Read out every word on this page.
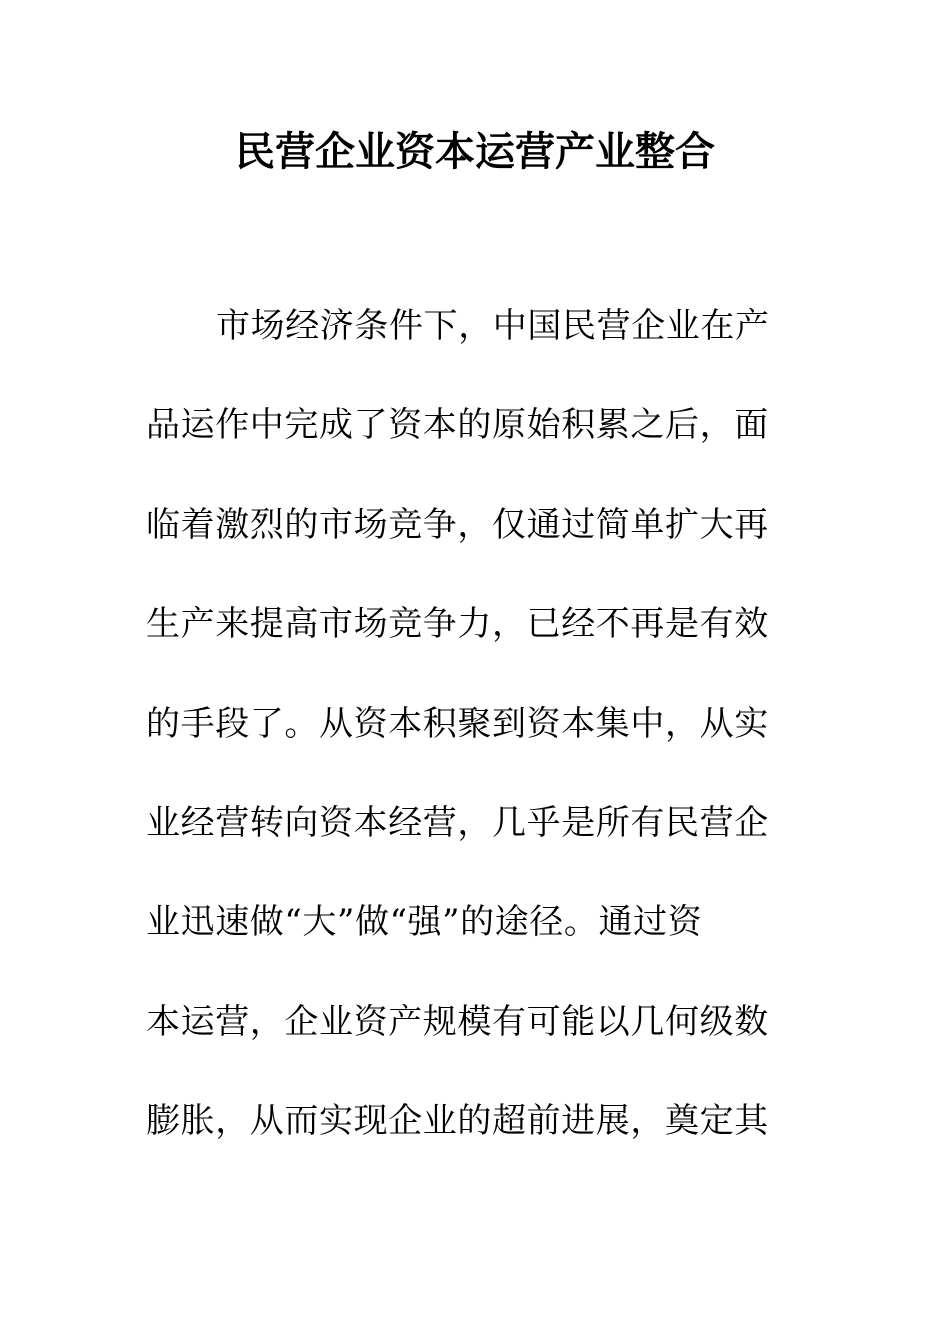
民营企业资本运营产业整合
市场经济条件下，中国民营企业在产
品运作中完成了资本的原始积累之后，面
临着激烈的市场竞争，仅通过简单扩大再
生产来提高市场竞争力，已经不再是有效
的手段了。从资本积聚到资本集中，从实
业经营转向资本经营，几乎是所有民营企
业迅速做“大”做“强”的途径。通过资
本运营，企业资产规模有可能以几何级数
膨胀，从而实现企业的超前进展，奠定其
